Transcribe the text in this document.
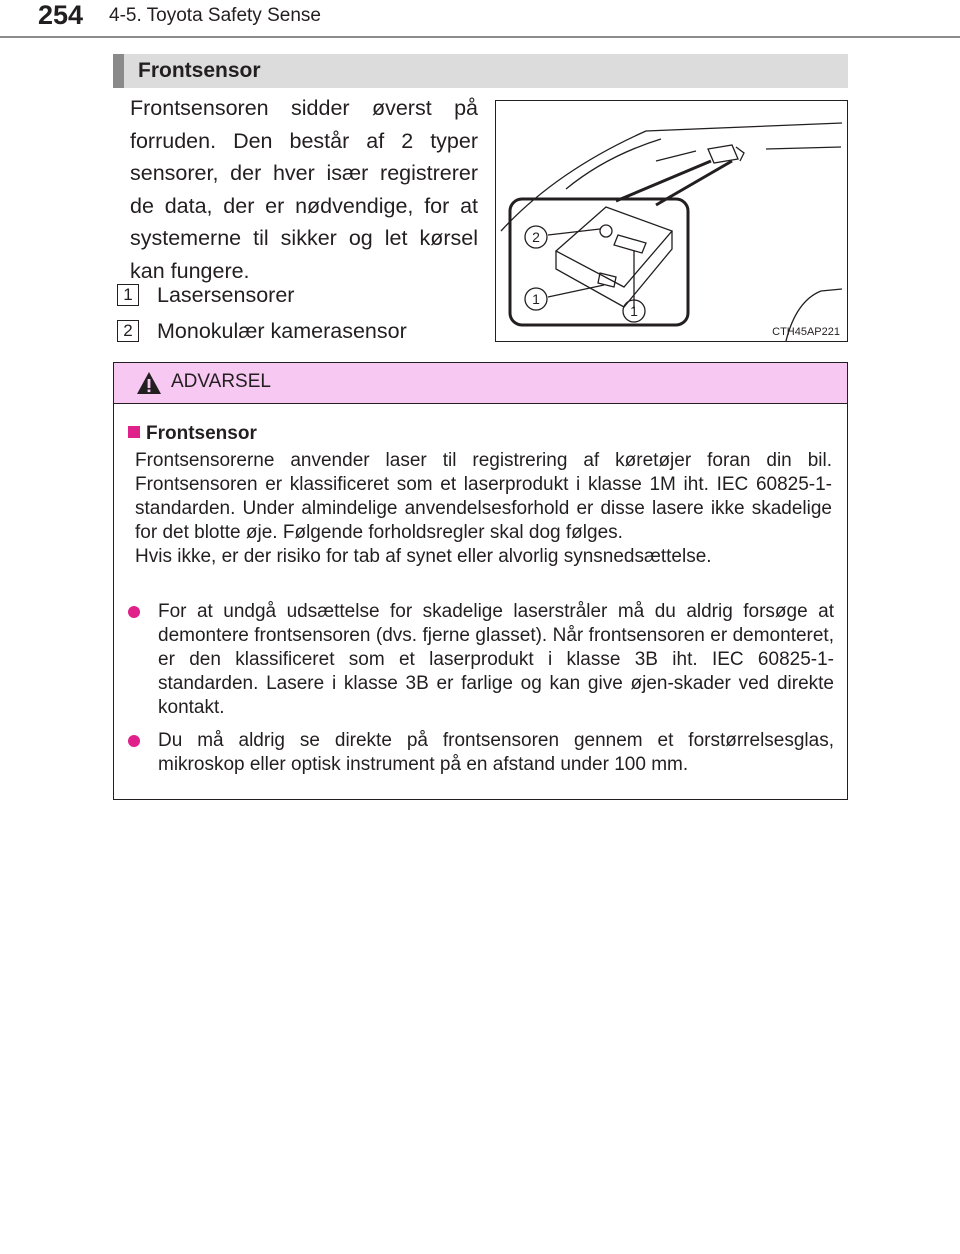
254 4-5. Toyota Safety Sense
Frontsensor

Frontsensoren sidder øverst på forruden. Den består af 2 typer sensorer, der hver især registrerer de data, der er nødvendige, for at systemerne til sikker og let kørsel kan fungere.

1 Lasersensorer
2 Monokulær kamerasensor
2
1
1
CTH45AP221
ADVARSEL
Frontsensor

Frontsensorerne anvender laser til registrering af køretøjer foran din bil. Frontsensoren er klassificeret som et laserprodukt i klasse 1M iht. IEC 60825-1-standarden. Under almindelige anvendelsesforhold er disse lasere ikke skadelige for det blotte øje. Følgende forholdsregler skal dog følges.

Hvis ikke, er der risiko for tab af synet eller alvorlig synsnedsættelse.

For at undgå udsættelse for skadelige laserstråler må du aldrig forsøge at demontere frontsensoren (dvs. fjerne glasset). Når frontsensoren er demonteret, er den klassificeret som et laserprodukt i klasse 3B iht. IEC 60825-1-standarden. Lasere i klasse 3B er farlige og kan give øjen-skader ved direkte kontakt.

Du må aldrig se direkte på frontsensoren gennem et forstørrelsesglas, mikroskop eller optisk instrument på en afstand under 100 mm.
